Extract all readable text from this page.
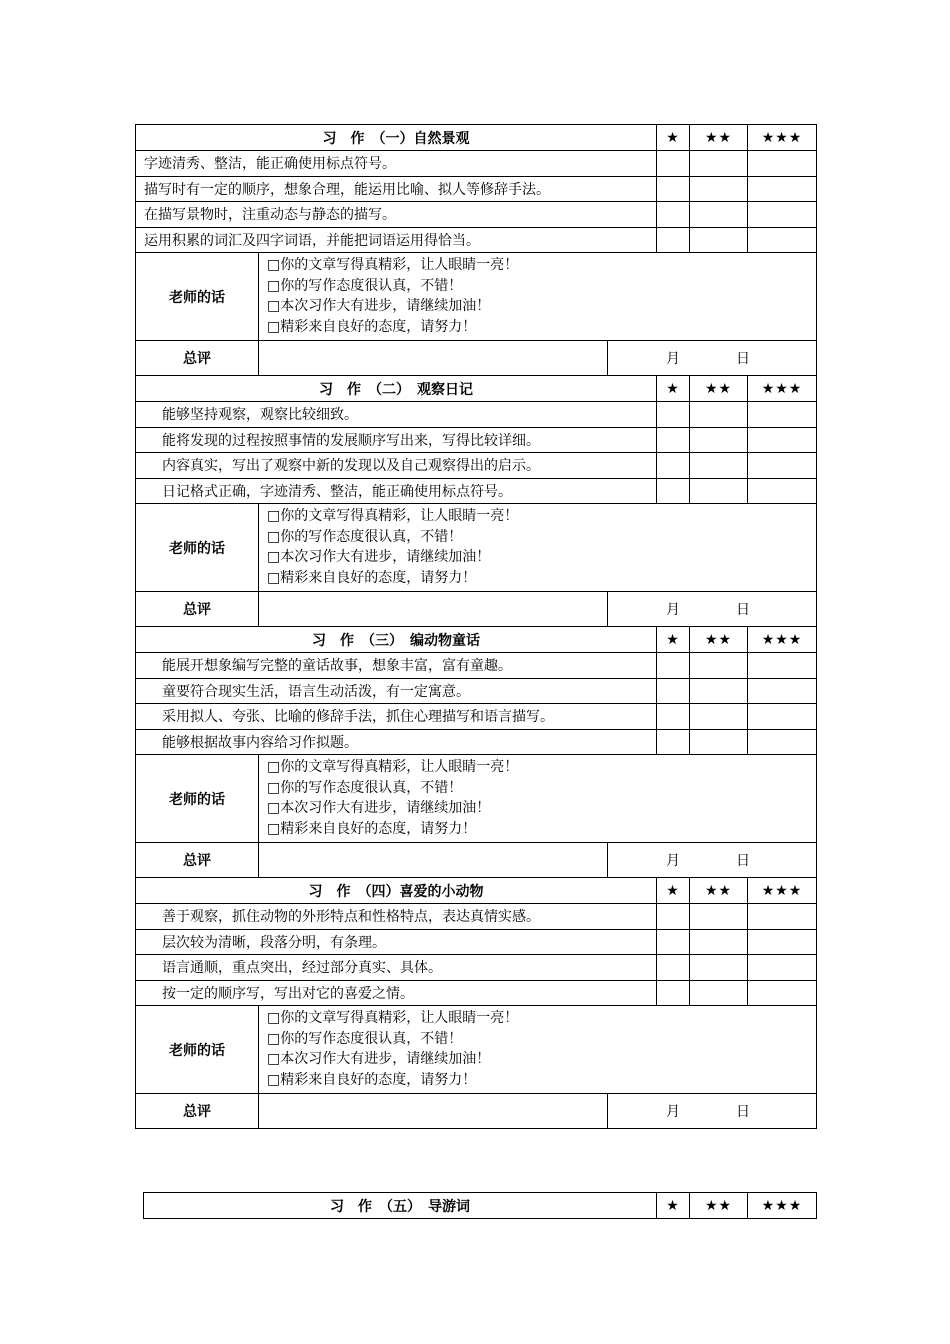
习　作　（一）自然景观			★	★★	★★★
字迹清秀、整洁，能正确使用标点符号。					
描写时有一定的顺序，想象合理，能运用比喻、拟人等修辞手法。					
在描写景物时，注重动态与静态的描写。					
运用积累的词汇及四字词语，并能把词语运用得恰当。					
老师的话	□你的文章写得真精彩，让人眼睛一亮！
□你的写作态度很认真，不错！
□本次习作大有进步，请继续加油！
□精彩来自良好的态度，请努力！				

总评		月 日			
习　作　（二）　观察日记			★	★★	★★★
能够坚持观察，观察比较细致。					
能将发现的过程按照事情的发展顺序写出来，写得比较详细。					
内容真实，写出了观察中新的发现以及自己观察得出的启示。					
日记格式正确，字迹清秀、整洁，能正确使用标点符号。					
老师的话	□你的文章写得真精彩，让人眼睛一亮！
□你的写作态度很认真，不错！
□本次习作大有进步，请继续加油！
□精彩来自良好的态度，请努力！				

总评		月 日			
习　作　（三）　编动物童话			★	★★	★★★
能展开想象编写完整的童话故事，想象丰富，富有童趣。					
童要符合现实生活，语言生动活泼，有一定寓意。					
采用拟人、夸张、比喻的修辞手法，抓住心理描写和语言描写。					
能够根据故事内容给习作拟题。					
老师的话	□你的文章写得真精彩，让人眼睛一亮！
□你的写作态度很认真，不错！
□本次习作大有进步，请继续加油！
□精彩来自良好的态度，请努力！				

总评		月 日			
习　作　（四）喜爱的小动物			★	★★	★★★
善于观察，抓住动物的外形特点和性格特点，表达真情实感。					
层次较为清晰，段落分明，有条理。					
语言通顺，重点突出，经过部分真实、具体。					
按一定的顺序写，写出对它的喜爱之情。					
老师的话	□你的文章写得真精彩，让人眼睛一亮！
□你的写作态度很认真，不错！
□本次习作大有进步，请继续加油！
□精彩来自良好的态度，请努力！				

总评		月 日			
习　作　（五）　导游词	★	★★	★★★
